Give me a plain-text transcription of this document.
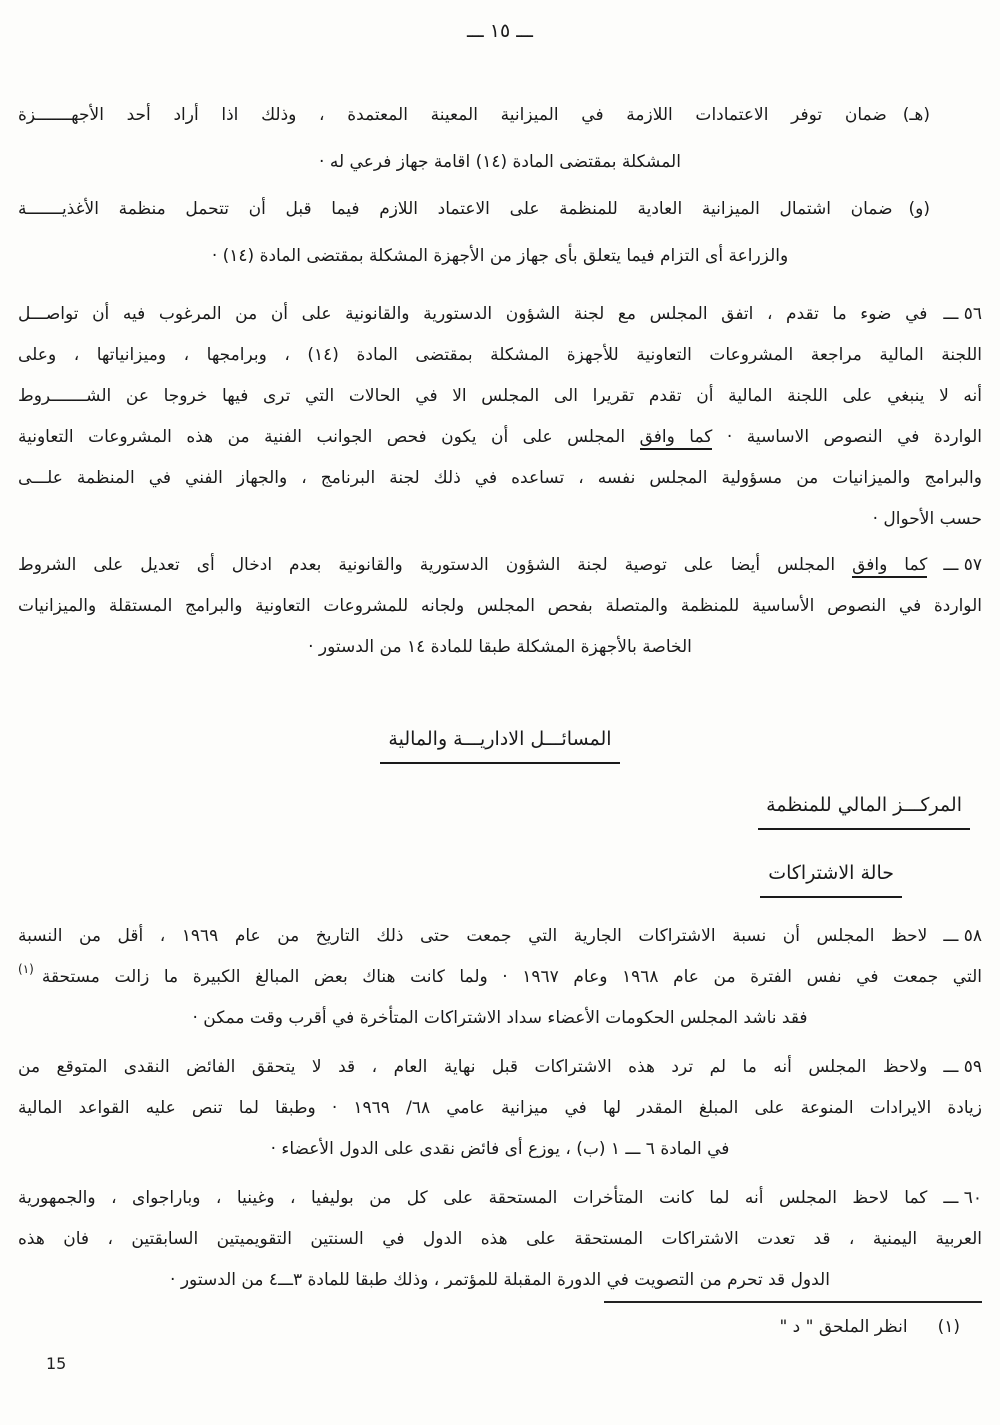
ـــ ١٥ ـــ
(هـ)
ضمان توفر الاعتمادات اللازمة في الميزانية المعينة المعتمدة ، وذلك اذا أراد أحد الأجهـــــــزة
المشكلة بمقتضى المادة (١٤) اقامة جهاز فرعي له ·
(و)
ضمان اشتمال الميزانية العادية للمنظمة على الاعتماد اللازم فيما قبل أن تتحمل منظمة الأغذيـــــــة
والزراعة أى التزام فيما يتعلق بأى جهاز من الأجهزة المشكلة بمقتضى المادة (١٤) ·
٥٦ ـــ
في ضوء ما تقدم ، اتفق المجلس مع لجنة الشؤون الدستورية والقانونية على أن من المرغوب فيه أن تواصـــل
اللجنة المالية مراجعة المشروعات التعاونية للأجهزة المشكلة بمقتضى المادة (١٤) ، وبرامجها ، وميزانياتها ، وعلى
أنه لا ينبغي على اللجنة المالية أن تقدم تقريرا الى المجلس الا في الحالات التي ترى فيها خروجا عن الشـــــــروط
الواردة في النصوص الاساسية · كما وافق المجلس على أن يكون فحص الجوانب الفنية من هذه المشروعات التعاونية
والبرامج والميزانيات من مسؤولية المجلس نفسه ، تساعده في ذلك لجنة البرنامج ، والجهاز الفني في المنظمة علـــى
حسب الأحوال ·
٥٧ ـــ
كما وافق المجلس أيضا على توصية لجنة الشؤون الدستورية والقانونية بعدم ادخال أى تعديل على الشروط
الواردة في النصوص الأساسية للمنظمة والمتصلة بفحص المجلس ولجانه للمشروعات التعاونية والبرامج المستقلة والميزانيات
الخاصة بالأجهزة المشكلة طبقا للمادة ١٤ من الدستور ·
المسائـــل الاداريـــة والمالية
المركـــز المالي للمنظمة
حالة الاشتراكات
٥٨ ـــ
لاحظ المجلس أن نسبة الاشتراكات الجارية التي جمعت حتى ذلك التاريخ من عام ١٩٦٩ ، أقل من النسبة
التي جمعت في نفس الفترة من عام ١٩٦٨ وعام ١٩٦٧ · ولما كانت هناك بعض المبالغ الكبيرة ما زالت مستحقة$^{(١)}$
فقد ناشد المجلس الحكومات الأعضاء سداد الاشتراكات المتأخرة في أقرب وقت ممكن ·
٥٩ ـــ
ولاحظ المجلس أنه ما لم ترد هذه الاشتراكات قبل نهاية العام ، قد لا يتحقق الفائض النقدى المتوقع من
زيادة الايرادات المنوعة على المبلغ المقدر لها في ميزانية عامي ٦٨/ ١٩٦٩ · وطبقا لما تنص عليه القواعد المالية
في المادة ٦ ـــ ١ (ب) ، يوزع أى فائض نقدى على الدول الأعضاء ·
٦٠ ـــ
كما لاحظ المجلس أنه لما كانت المتأخرات المستحقة على كل من بوليفيا ، وغينيا ، وباراجواى ، والجمهورية
العربية اليمنية ، قد تعدت الاشتراكات المستحقة على هذه الدول في السنتين التقويميتين السابقتين ، فان هذه
الدول قد تحرم من التصويت في الدورة المقبلة للمؤتمر ، وذلك طبقا للمادة ٣ـــ٤ من الدستور ·
(١)
انظر الملحق " د "
15
